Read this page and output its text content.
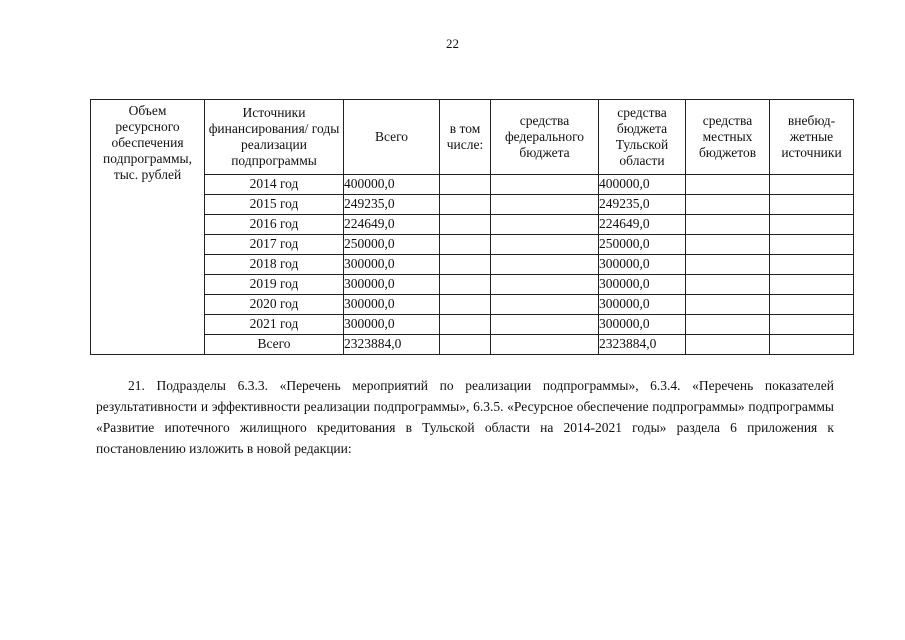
22
Объем
ресурсного
обеспечения
подпрограммы,
тыс. рублей	Источники финансирования/ годы реализации подпрограммы	Всего	в том числе:	средства федерального бюджета	средства бюджета Тульской области	средства местных бюджетов	внебюд-жетные источники
	2014 год	400000,0			400000,0		
	2015 год	249235,0			249235,0		
	2016 год	224649,0			224649,0		
	2017 год	250000,0			250000,0		
	2018 год	300000,0			300000,0		
	2019 год	300000,0			300000,0		
	2020 год	300000,0			300000,0		
	2021 год	300000,0			300000,0		
	Всего	2323884,0			2323884,0		
21. Подразделы 6.3.3. «Перечень мероприятий по реализации подпрограммы», 6.3.4. «Перечень показателей результативности и эффективности реализации подпрограммы», 6.3.5. «Ресурсное обеспечение подпрограммы» подпрограммы «Развитие ипотечного жилищного кредитования в Тульской области на 2014-2021 годы» раздела 6 приложения к постановлению изложить в новой редакции:
